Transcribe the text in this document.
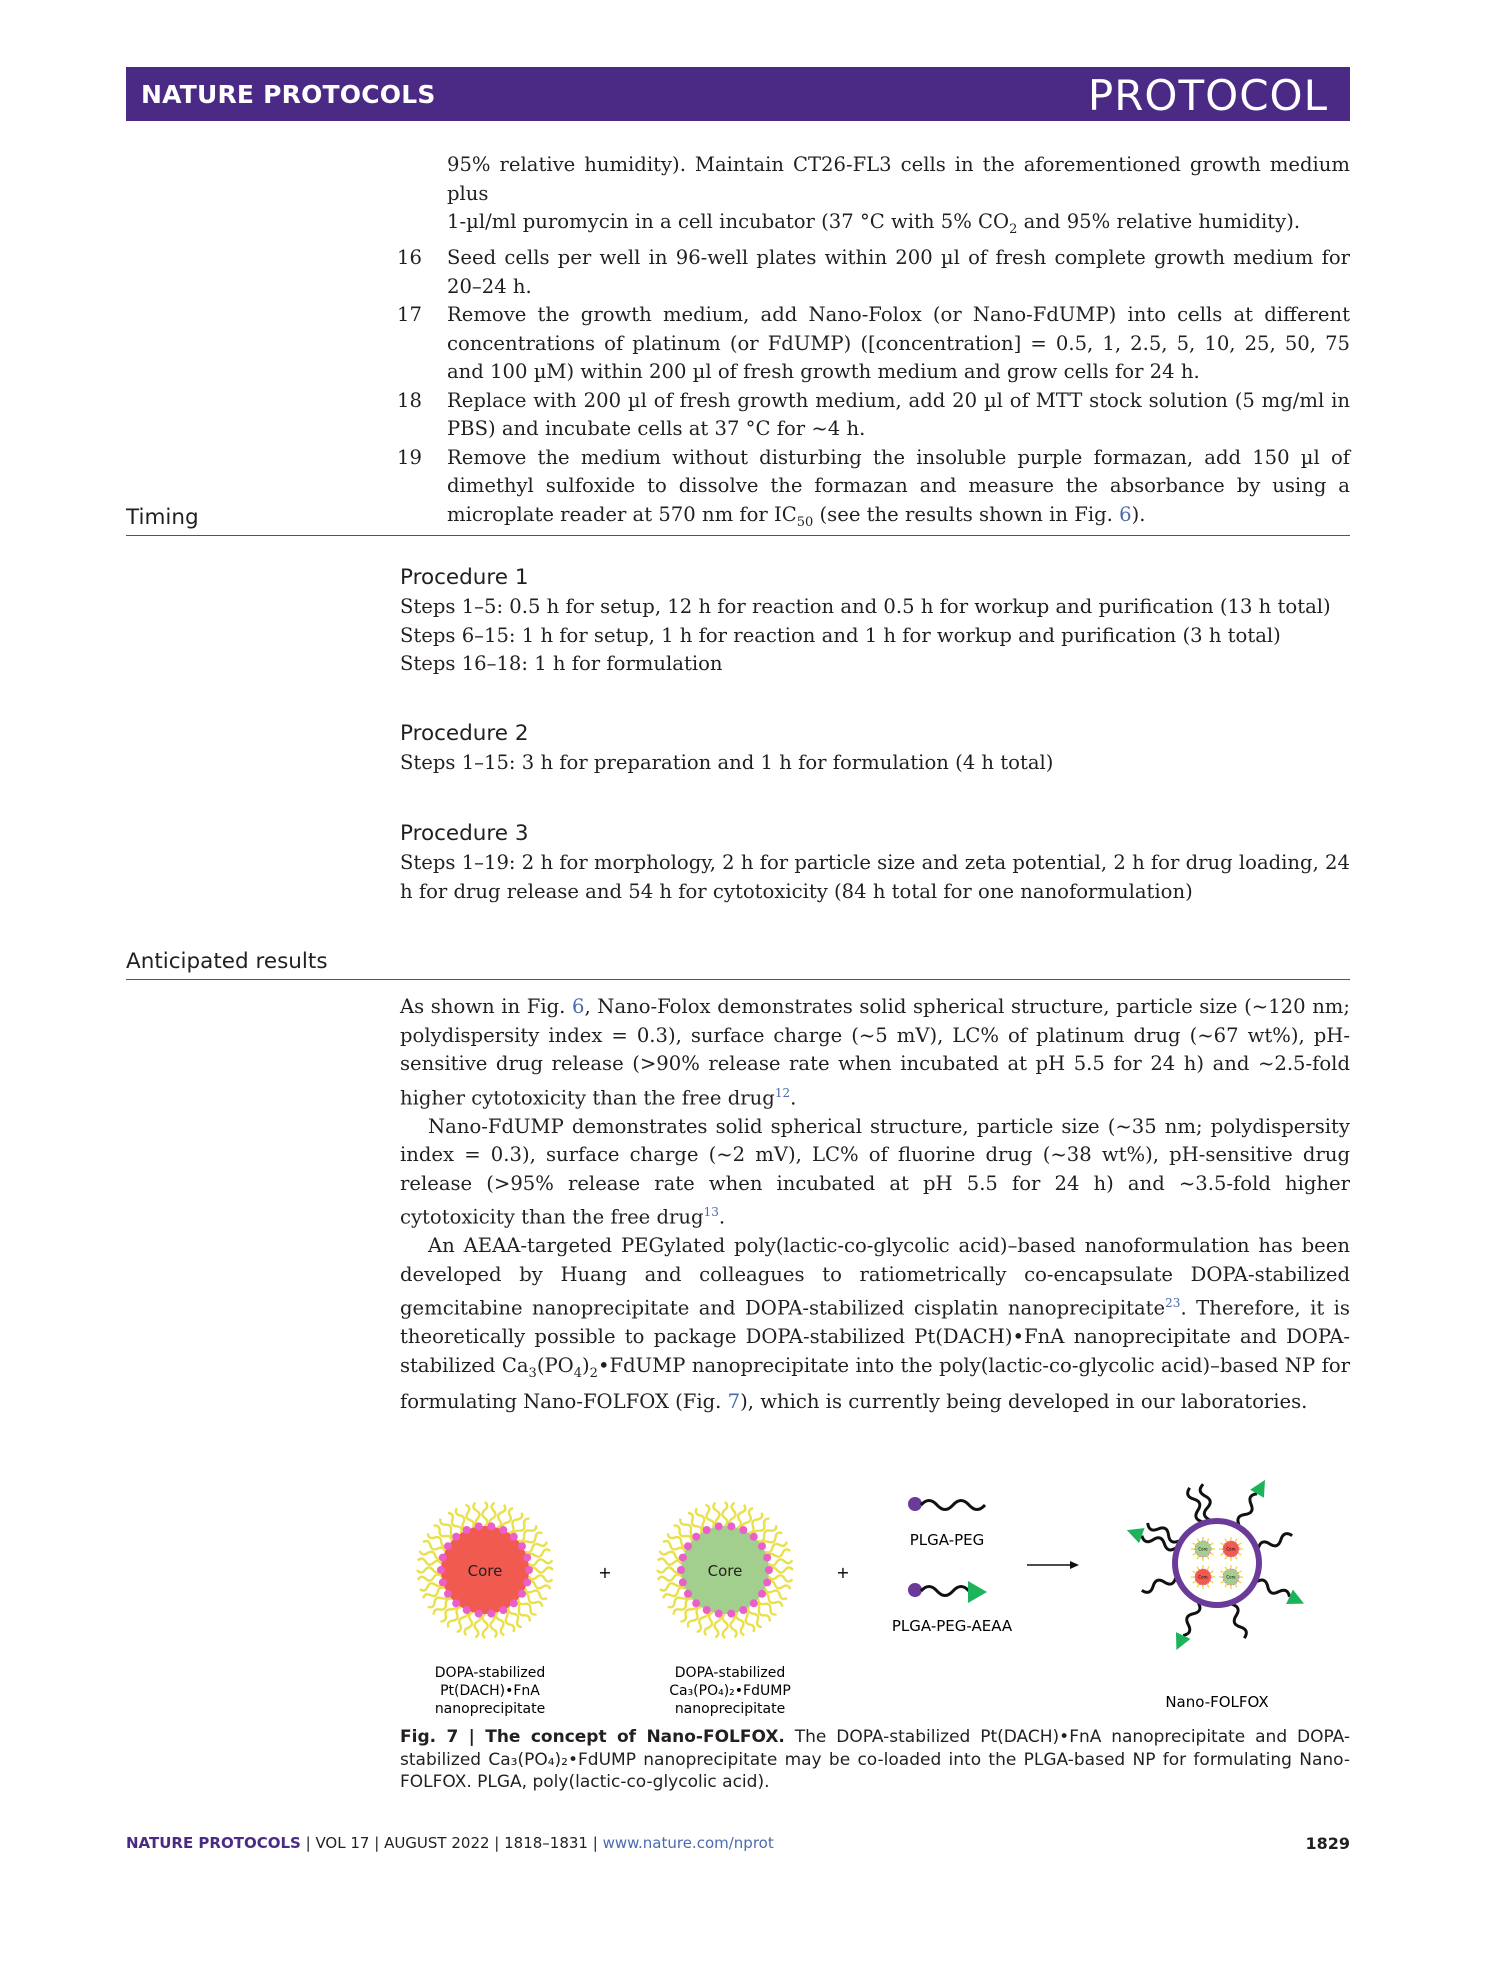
NATURE PROTOCOLS	PROTOCOL
95% relative humidity). Maintain CT26-FL3 cells in the aforementioned growth medium plus
1-µl/ml puromycin in a cell incubator (37 °C with 5% $CO_2$ and 95% relative humidity).
16 Seed cells per well in 96-well plates within 200 µl of fresh complete growth medium for 20–24 h.
17 Remove the growth medium, add Nano-Folox (or Nano-FdUMP) into cells at different concentrations of platinum (or FdUMP) ([concentration] = 0.5, 1, 2.5, 5, 10, 25, 50, 75 and 100 µM) within 200 µl of fresh growth medium and grow cells for 24 h.
18 Replace with 200 µl of fresh growth medium, add 20 µl of MTT stock solution (5 mg/ml in PBS) and incubate cells at 37 °C for ~4 h.
19 Remove the medium without disturbing the insoluble purple formazan, add 150 µl of dimethyl sulfoxide to dissolve the formazan and measure the absorbance by using a microplate reader at 570 nm for $IC_{50}$ (see the results shown in Fig. 6).
Timing
Procedure 1
Steps 1–5: 0.5 h for setup, 12 h for reaction and 0.5 h for workup and purification (13 h total)
Steps 6–15: 1 h for setup, 1 h for reaction and 1 h for workup and purification (3 h total)
Steps 16–18: 1 h for formulation
Procedure 2
Steps 1–15: 3 h for preparation and 1 h for formulation (4 h total)
Procedure 3
Steps 1–19: 2 h for morphology, 2 h for particle size and zeta potential, 2 h for drug loading, 24 h for drug release and 54 h for cytotoxicity (84 h total for one nanoformulation)
Anticipated results

As shown in Fig. 6, Nano-Folox demonstrates solid spherical structure, particle size (~120 nm; polydispersity index = 0.3), surface charge (~5 mV), LC% of platinum drug (~67 wt%), pH-sensitive drug release (>90% release rate when incubated at pH 5.5 for 24 h) and ~2.5-fold higher cytotoxicity than the free drug$^{12}$.

Nano-FdUMP demonstrates solid spherical structure, particle size (~35 nm; polydispersity index = 0.3), surface charge (~2 mV), LC% of fluorine drug (~38 wt%), pH-sensitive drug release (>95% release rate when incubated at pH 5.5 for 24 h) and ~3.5-fold higher cytotoxicity than the free drug$^{13}$.

An AEAA-targeted PEGylated poly(lactic-co-glycolic acid)–based nanoformulation has been developed by Huang and colleagues to ratiometrically co-encapsulate DOPA-stabilized gemcitabine nanoprecipitate and DOPA-stabilized cisplatin nanoprecipitate$^{23}$. Therefore, it is theoretically possible to package DOPA-stabilized Pt(DACH)•FnA nanoprecipitate and DOPA-stabilized $Ca_3(PO_4)_2•FdUMP$ nanoprecipitate into the poly(lactic-co-glycolic acid)–based NP for formulating Nano-FOLFOX (Fig. 7), which is currently being developed in our laboratories.

Core	+	Core	+
DOPA-stabilized
Pt(DACH)•FnA
nanoprecipitate
DOPA-stabilized
Ca₃(PO₄)₂•FdUMP
nanoprecipitate
PLGA-PEG
PLGA-PEG-AEAA
Core	Core
Core	Core
Nano-FOLFOX
Fig. 7 | The concept of Nano-FOLFOX. The DOPA-stabilized Pt(DACH)•FnA nanoprecipitate and DOPA-stabilized Ca₃(PO₄)₂•FdUMP nanoprecipitate may be co-loaded into the PLGA-based NP for formulating Nano-FOLFOX. PLGA, poly(lactic-co-glycolic acid).
NATURE PROTOCOLS | VOL 17 | AUGUST 2022 | 1818–1831 | www.nature.com/nprot	1829
